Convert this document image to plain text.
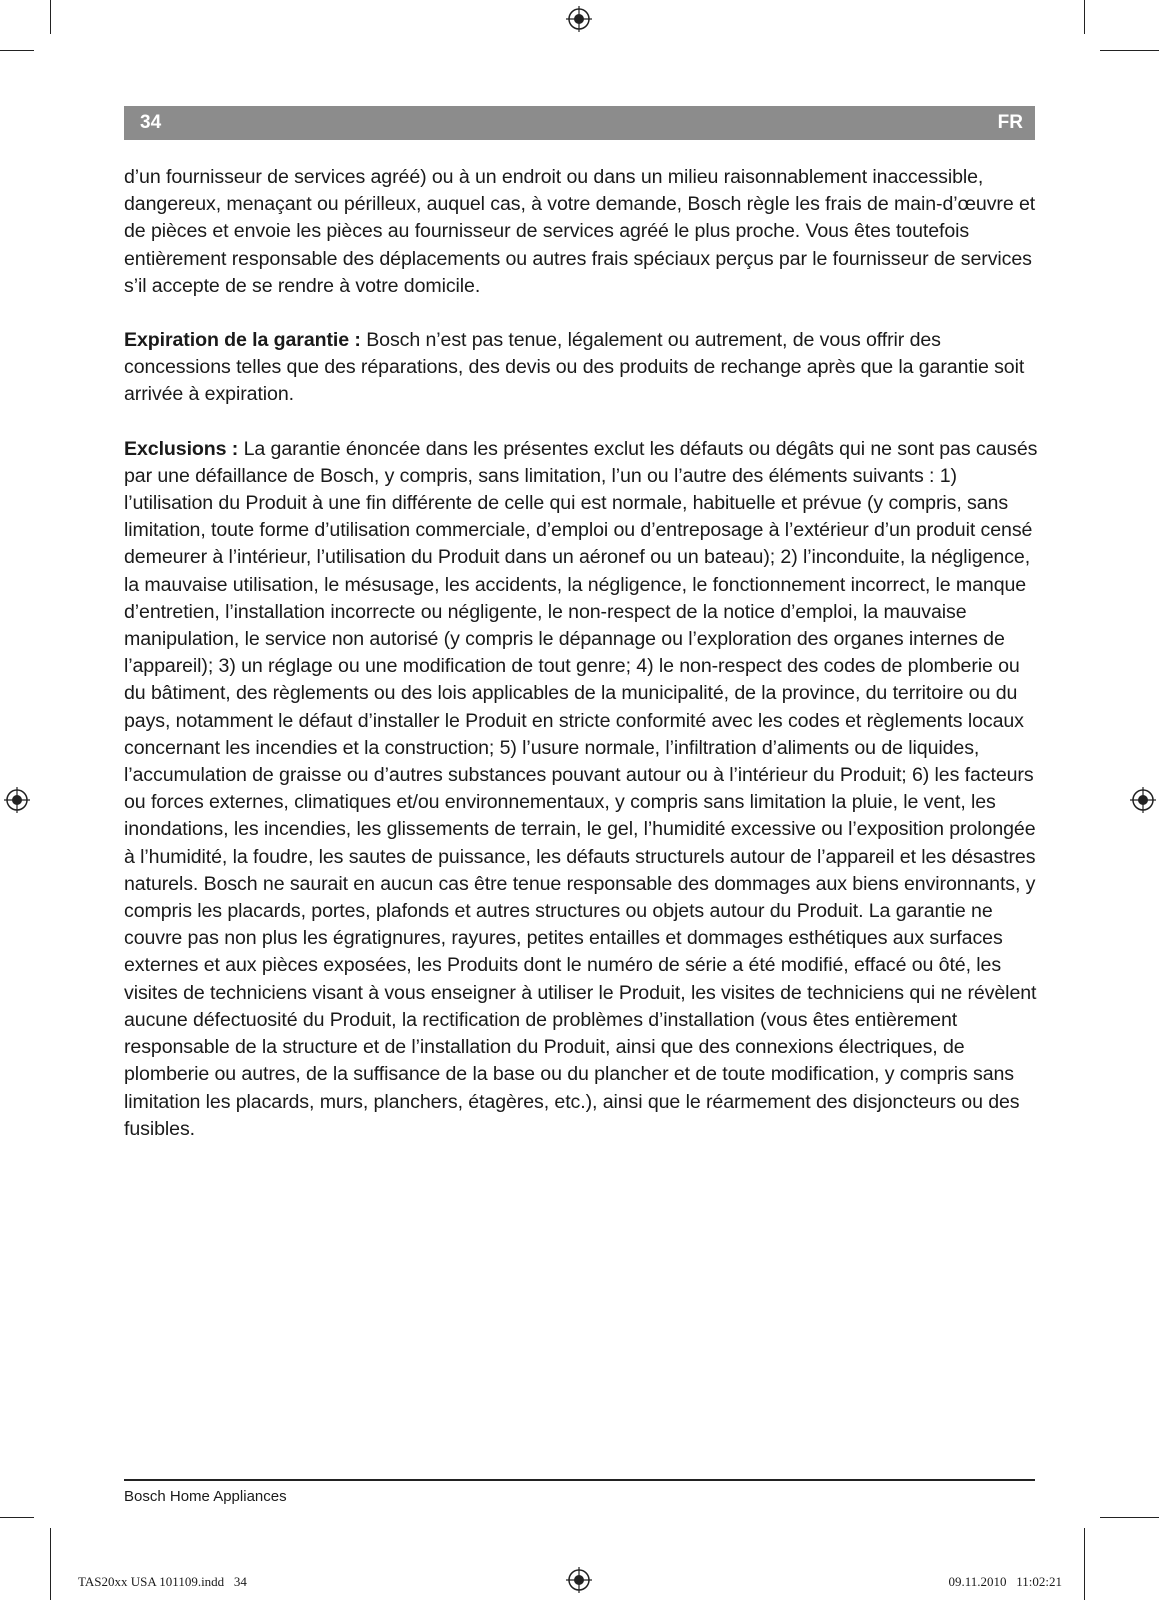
34	FR

d’un fournisseur de services agréé) ou à un endroit ou dans un milieu raisonnablement inaccessible, dangereux, menaçant ou périlleux, auquel cas, à votre demande, Bosch règle les frais de main-d’œuvre et de pièces et envoie les pièces au fournisseur de services agréé le plus proche. Vous êtes toutefois entièrement responsable des déplacements ou autres frais spéciaux perçus par le fournisseur de services s’il accepte de se rendre à votre domicile.

Expiration de la garantie : Bosch n’est pas tenue, légalement ou autrement, de vous offrir des concessions telles que des réparations, des devis ou des produits de rechange après que la garantie soit arrivée à expiration.

Exclusions : La garantie énoncée dans les présentes exclut les défauts ou dégâts qui ne sont pas causés par une défaillance de Bosch, y compris, sans limitation, l’un ou l’autre des éléments suivants : 1) l’utilisation du Produit à une fin différente de celle qui est normale, habituelle et prévue (y compris, sans limitation, toute forme d’utilisation commerciale, d’emploi ou d’entreposage à l’extérieur d’un produit censé demeurer à l’intérieur, l’utilisation du Produit dans un aéronef ou un bateau); 2) l’inconduite, la négligence, la mauvaise utilisation, le mésusage, les accidents, la négligence, le fonctionnement incorrect, le manque d’entretien, l’installation incorrecte ou négligente, le non-respect de la notice d’emploi, la mauvaise manipulation, le service non autorisé (y compris le dépannage ou l’exploration des organes internes de l’appareil); 3) un réglage ou une modification de tout genre; 4) le non-respect des codes de plomberie ou du bâtiment, des règlements ou des lois applicables de la municipalité, de la province, du territoire ou du pays, notamment le défaut d’installer le Produit en stricte conformité avec les codes et règlements locaux concernant les incendies et la construction; 5) l’usure normale, l’infiltration d’aliments ou de liquides, l’accumulation de graisse ou d’autres substances pouvant autour ou à l’intérieur du Produit; 6) les facteurs ou forces externes, climatiques et/ou environnementaux, y compris sans limitation la pluie, le vent, les inondations, les incendies, les glissements de terrain, le gel, l’humidité excessive ou l’exposition prolongée à l’humidité, la foudre, les sautes de puissance, les défauts structurels autour de l’appareil et les désastres naturels. Bosch ne saurait en aucun cas être tenue responsable des dommages aux biens environnants, y compris les placards, portes, plafonds et autres structures ou objets autour du Produit. La garantie ne couvre pas non plus les égratignures, rayures, petites entailles et dommages esthétiques aux surfaces externes et aux pièces exposées, les Produits dont le numéro de série a été modifié, effacé ou ôté, les visites de techniciens visant à vous enseigner à utiliser le Produit, les visites de techniciens qui ne révèlent aucune défectuosité du Produit, la rectification de problèmes d’installation (vous êtes entièrement responsable de la structure et de l’installation du Produit, ainsi que des connexions électriques, de plomberie ou autres, de la suffisance de la base ou du plancher et de toute modification, y compris sans limitation les placards, murs, planchers, étagères, etc.), ainsi que le réarmement des disjoncteurs ou des fusibles.

Bosch Home Appliances
TAS20xx USA 101109.indd   34	09.11.2010   11:02:21
